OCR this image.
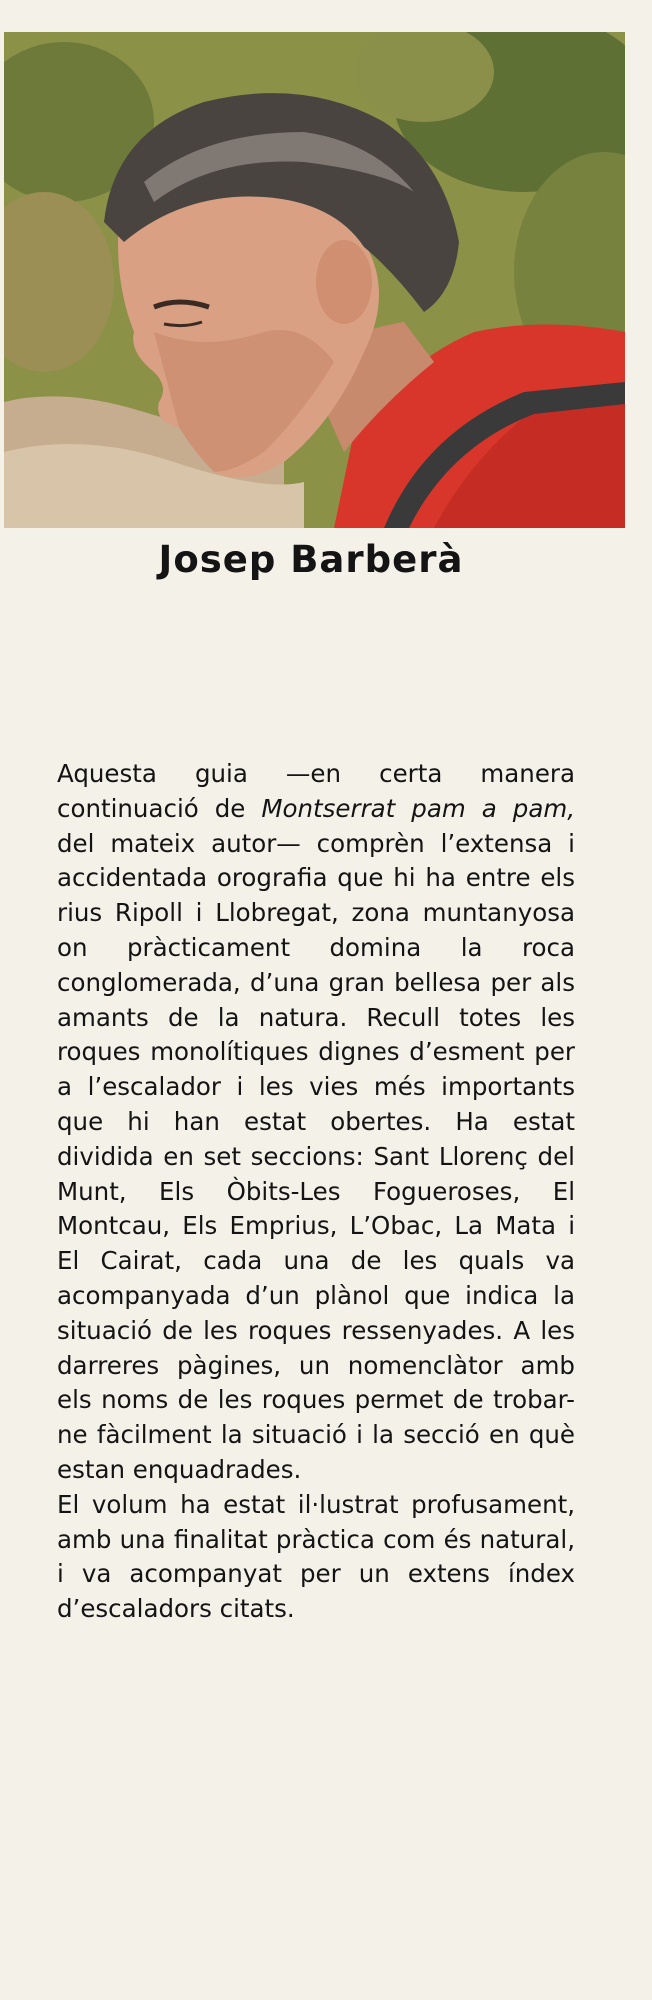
Josep Barberà

Aquesta guia —en certa manera continuació de Montserrat pam a pam, del mateix autor— comprèn l’extensa i accidentada orografia que hi ha entre els rius Ripoll i Llobregat, zona muntanyosa on pràcticament domina la roca conglomerada, d’una gran bellesa per als amants de la natura. Recull totes les roques monolítiques dignes d’esment per a l’escalador i les vies més importants que hi han estat obertes. Ha estat dividida en set seccions: Sant Llorenç del Munt, Els Òbits-Les Fogueroses, El Montcau, Els Emprius, L’Obac, La Mata i El Cairat, cada una de les quals va acompanyada d’un plànol que indica la situació de les roques ressenyades. A les darreres pàgines, un nomenclàtor amb els noms de les roques permet de trobar-ne fàcilment la situació i la secció en què estan enquadrades.

El volum ha estat il·lustrat profusament, amb una finalitat pràctica com és natural, i va acompanyat per un extens índex d’escaladors citats.
